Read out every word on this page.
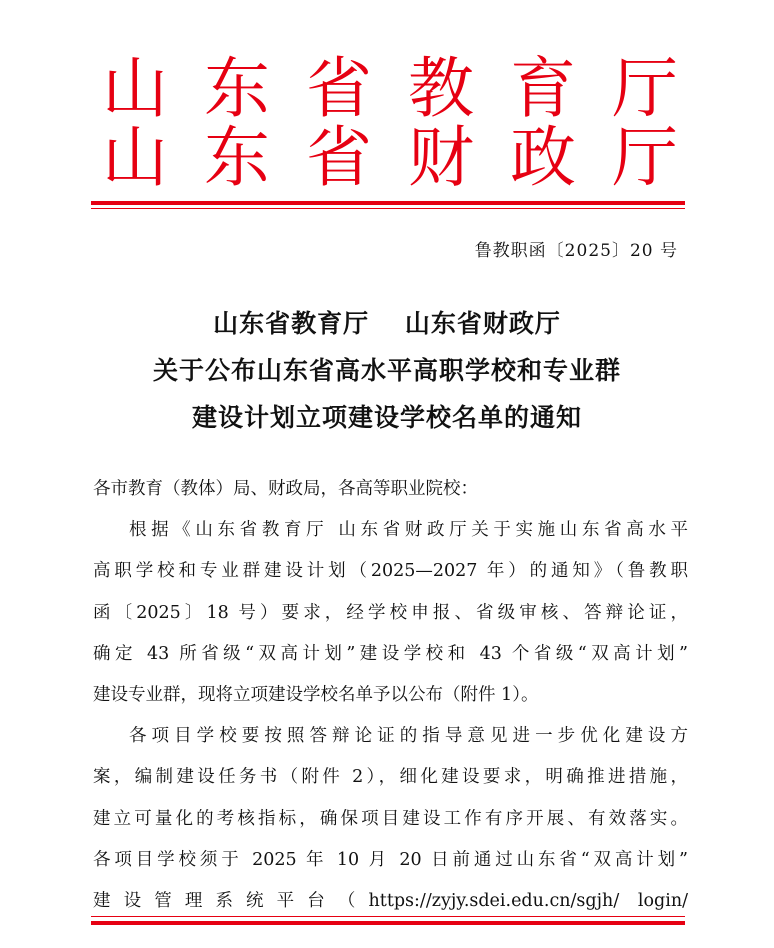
山 东 省 教 育 厅
山 东 省 财 政 厅
鲁教职函〔2025〕20 号
山东省教育厅　 山东省财政厅
关于公布山东省高水平高职学校和专业群
建设计划立项建设学校名单的通知

各市教育（教体）局、财政局，各高等职业院校：

根据《山东省教育厅 山东省财政厅关于实施山东省高水平

高职学校和专业群建设计划（2025—2027 年）的通知》（鲁教职

函〔2025〕18 号）要求，经学校申报、省级审核、答辩论证，

确定 43 所省级“双高计划”建设学校和 43 个省级“双高计划”

建设专业群，现将立项建设学校名单予以公布（附件 1）。

各项目学校要按照答辩论证的指导意见进一步优化建设方

案，编制建设任务书（附件 2），细化建设要求，明确推进措施，

建立可量化的考核指标，确保项目建设工作有序开展、有效落实。

各项目学校须于 2025 年 10 月 20 日前通过山东省“双高计划”

建设管理系统平台（https://zyjy.sdei.edu.cn/sgjh/ login/
